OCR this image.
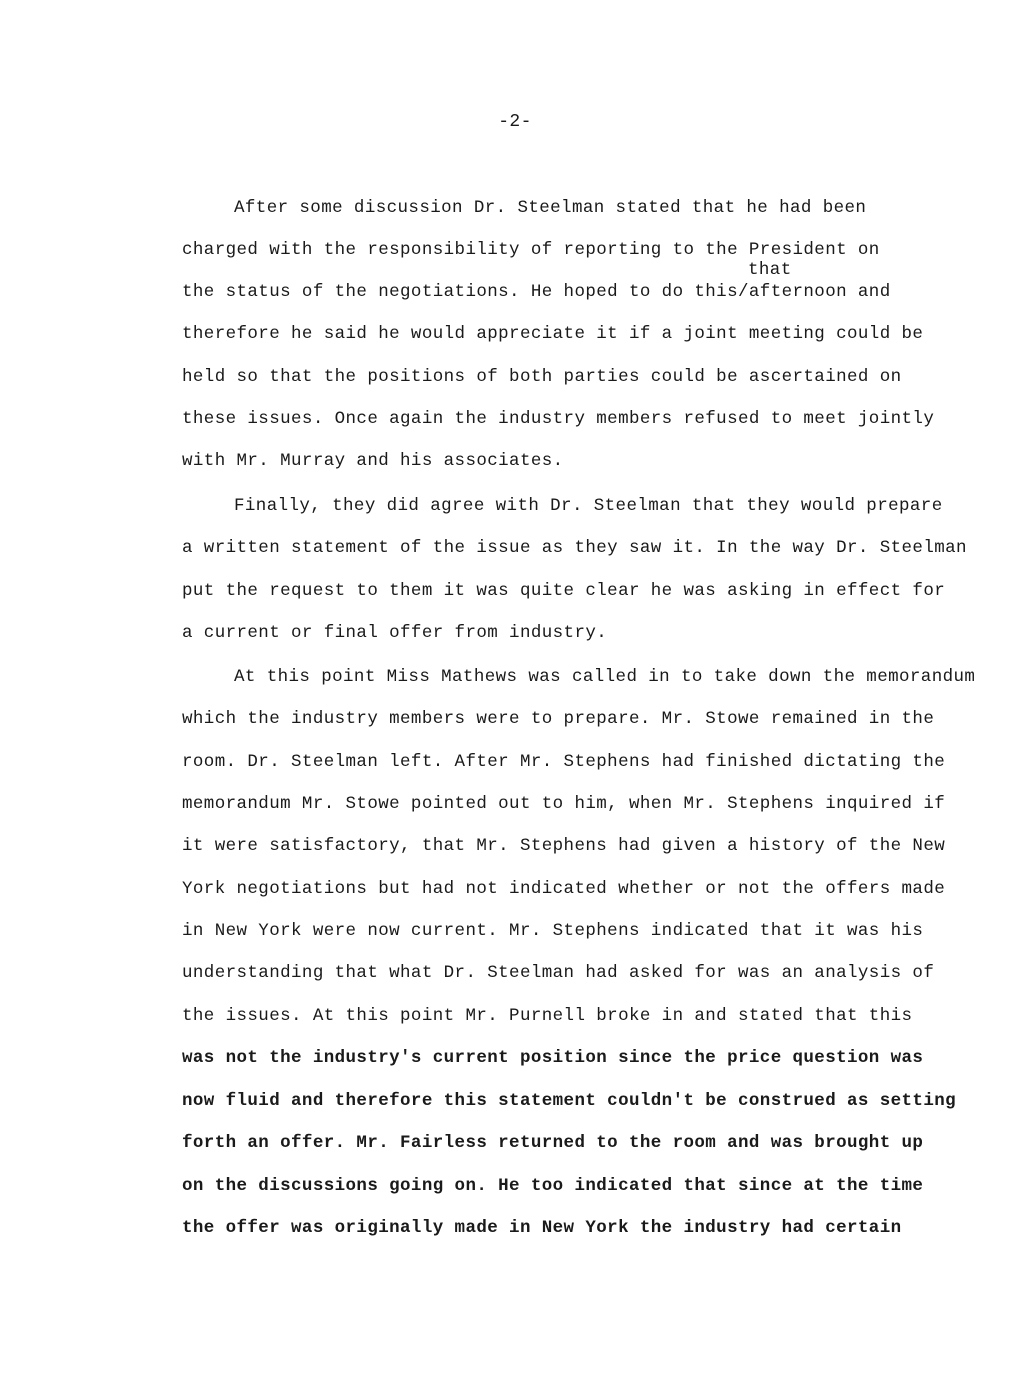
-2-
that
After some discussion Dr. Steelman stated that he had been
charged with the responsibility of reporting to the President on
the status of the negotiations. He hoped to do this/afternoon and
therefore he said he would appreciate it if a joint meeting could be
held so that the positions of both parties could be ascertained on
these issues. Once again the industry members refused to meet jointly
with Mr. Murray and his associates.
Finally, they did agree with Dr. Steelman that they would prepare
a written statement of the issue as they saw it. In the way Dr. Steelman
put the request to them it was quite clear he was asking in effect for
a current or final offer from industry.
At this point Miss Mathews was called in to take down the memorandum
which the industry members were to prepare. Mr. Stowe remained in the
room. Dr. Steelman left. After Mr. Stephens had finished dictating the
memorandum Mr. Stowe pointed out to him, when Mr. Stephens inquired if
it were satisfactory, that Mr. Stephens had given a history of the New
York negotiations but had not indicated whether or not the offers made
in New York were now current. Mr. Stephens indicated that it was his
understanding that what Dr. Steelman had asked for was an analysis of
the issues. At this point Mr. Purnell broke in and stated that this
was not the industry's current position since the price question was
now fluid and therefore this statement couldn't be construed as setting
forth an offer. Mr. Fairless returned to the room and was brought up
on the discussions going on. He too indicated that since at the time
the offer was originally made in New York the industry had certain
